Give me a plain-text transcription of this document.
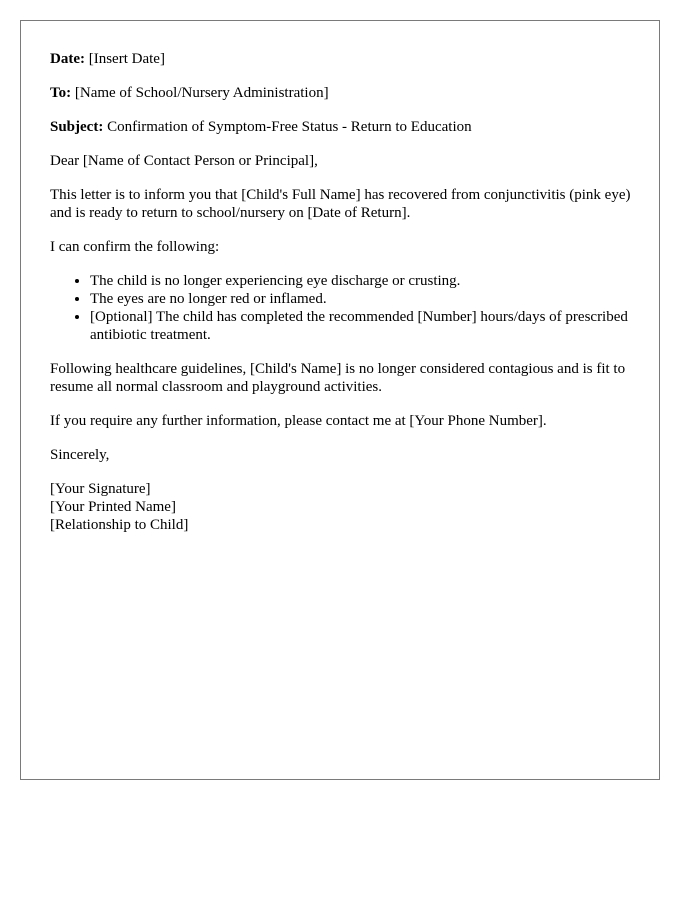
Date: [Insert Date]

To: [Name of School/Nursery Administration]

Subject: Confirmation of Symptom-Free Status - Return to Education

Dear [Name of Contact Person or Principal],

This letter is to inform you that [Child's Full Name] has recovered from conjunctivitis (pink eye) and is ready to return to school/nursery on [Date of Return].

I can confirm the following:

• The child is no longer experiencing eye discharge or crusting.
• The eyes are no longer red or inflamed.
• [Optional] The child has completed the recommended [Number] hours/days of prescribed antibiotic treatment.

Following healthcare guidelines, [Child's Name] is no longer considered contagious and is fit to resume all normal classroom and playground activities.

If you require any further information, please contact me at [Your Phone Number].

Sincerely,

[Your Signature]
[Your Printed Name]
[Relationship to Child]
